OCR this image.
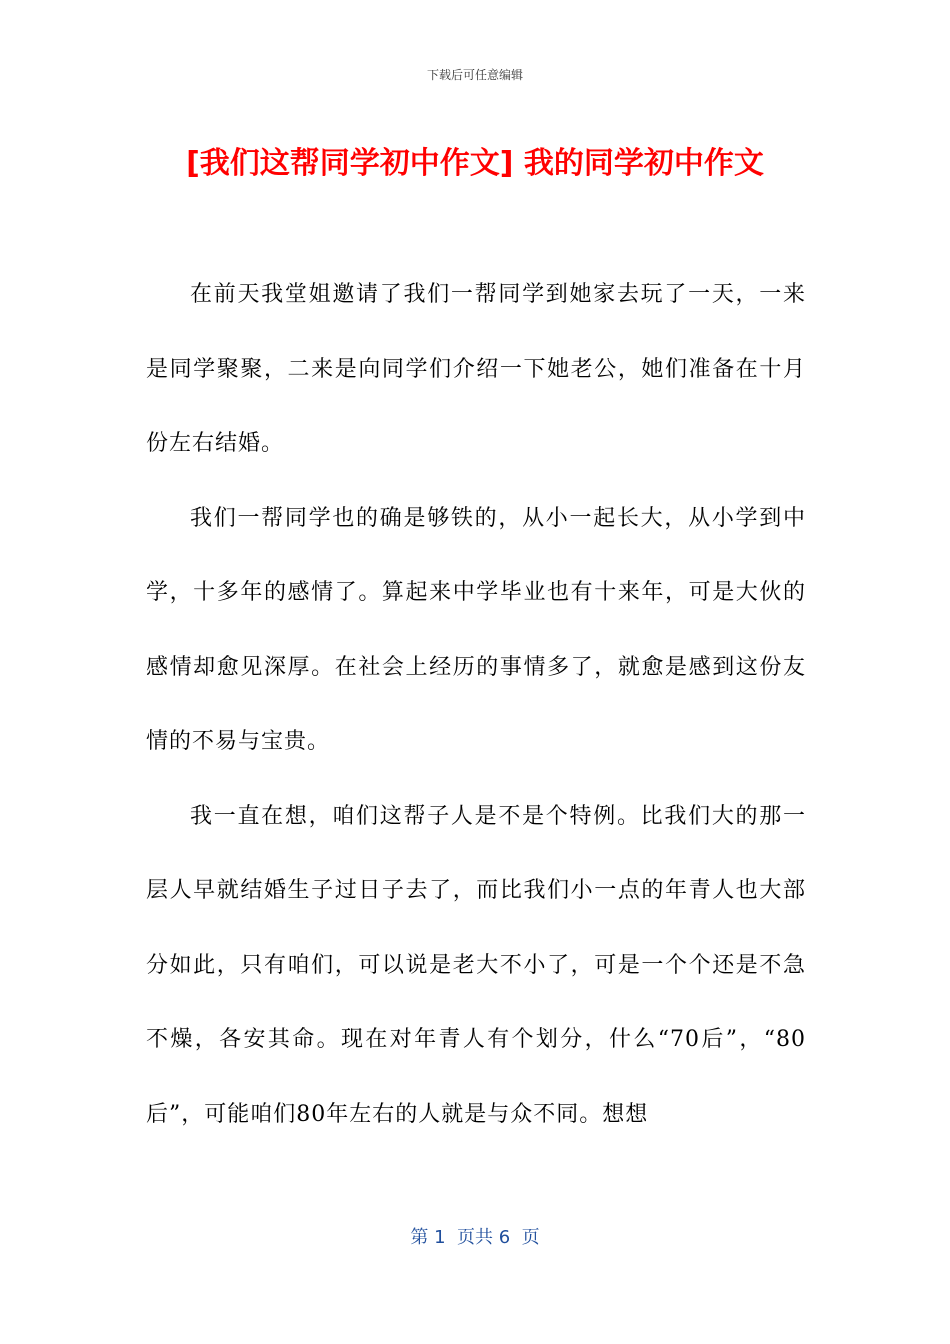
下载后可任意编辑
[我们这帮同学初中作文] 我的同学初中作文

在前天我堂姐邀请了我们一帮同学到她家去玩了一天，一来是同学聚聚，二来是向同学们介绍一下她老公，她们准备在十月份左右结婚。

我们一帮同学也的确是够铁的，从小一起长大，从小学到中学，十多年的感情了。算起来中学毕业也有十来年，可是大伙的感情却愈见深厚。在社会上经历的事情多了，就愈是感到这份友情的不易与宝贵。

我一直在想，咱们这帮子人是不是个特例。比我们大的那一层人早就结婚生子过日子去了，而比我们小一点的年青人也大部分如此，只有咱们，可以说是老大不小了，可是一个个还是不急不燥，各安其命。现在对年青人有个划分，什么“70后”，“80后”，可能咱们80年左右的人就是与众不同。想想

第 1  页共 6  页
